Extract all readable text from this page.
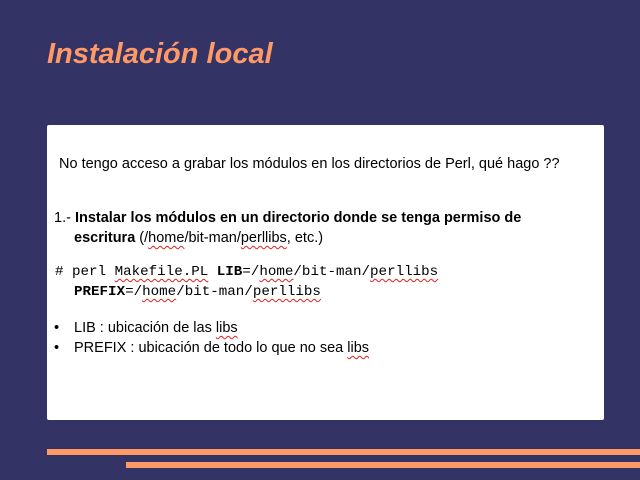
Instalación local

No tengo acceso a grabar los módulos en los directorios de Perl, qué hago ??

1.- Instalar los módulos en un directorio donde se tenga permiso de
escritura (/home/bit-man/perllibs, etc.)

# perl Makefile.PL LIB=/home/bit-man/perllibs
PREFIX=/home/bit-man/perllibs
• LIB : ubicación de las libs
• PREFIX : ubicación de todo lo que no sea libs
